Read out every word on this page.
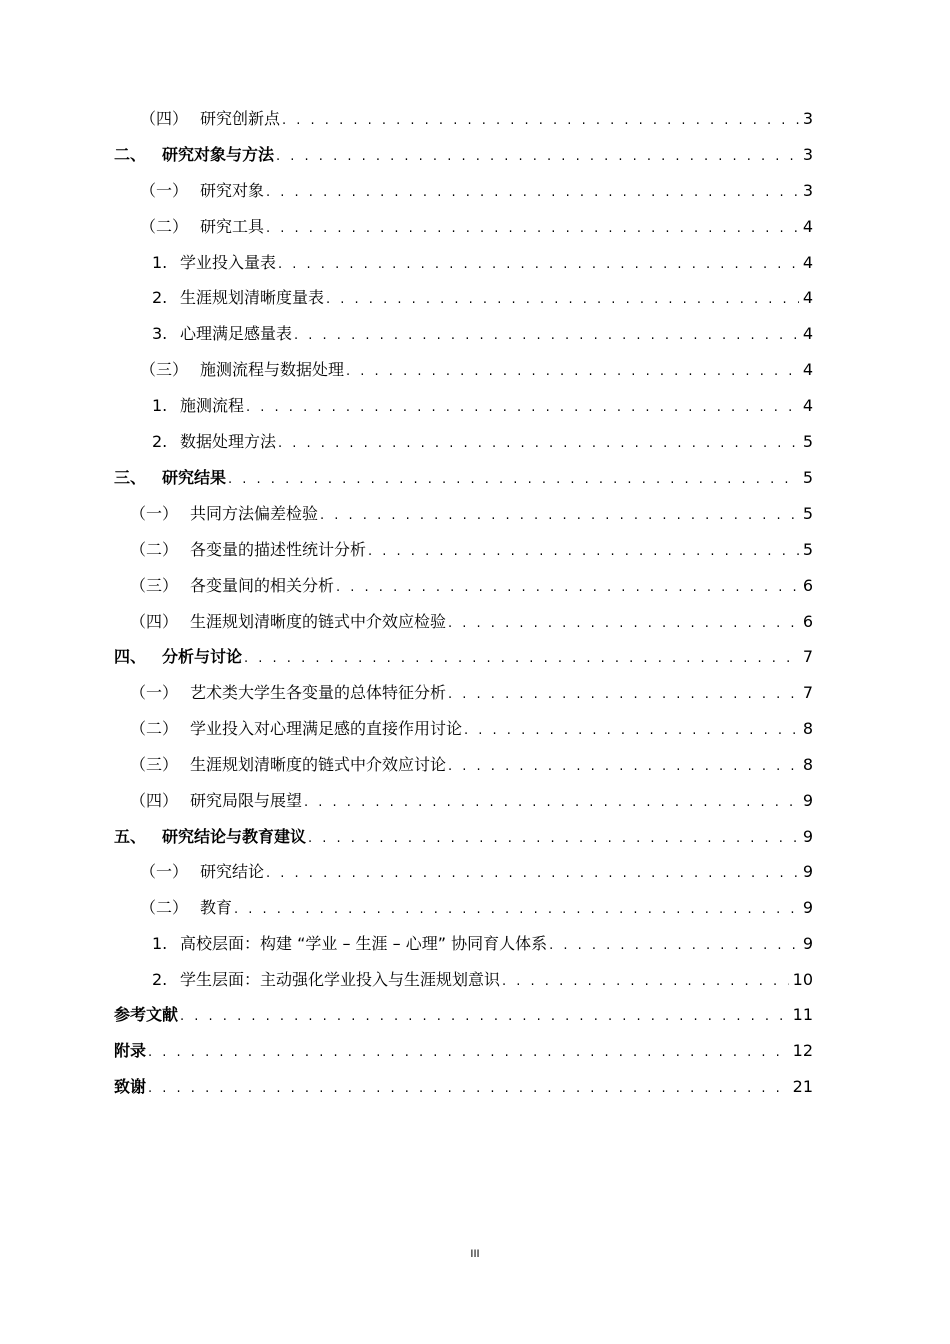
（四） 研究创新点 . . .	3
二、 研究对象与方法 . . .	3
（一） 研究对象 . . .	3
（二） 研究工具 . . .	4
1. 学业投入量表 . . .	4
2. 生涯规划清晰度量表 . . .	4
3. 心理满足感量表 . . .	4
（三） 施测流程与数据处理 . . .	4
1. 施测流程 . . .	4
2. 数据处理方法 . . .	5
三、 研究结果 . . .	5
（一） 共同方法偏差检验 . . .	5
（二） 各变量的描述性统计分析 . . .	5
（三） 各变量间的相关分析 . . .	6
（四） 生涯规划清晰度的链式中介效应检验 . . .	6
四、 分析与讨论 . . .	7
（一） 艺术类大学生各变量的总体特征分析 . . .	7
（二） 学业投入对心理满足感的直接作用讨论 . . .	8
（三） 生涯规划清晰度的链式中介效应讨论 . . .	8
（四） 研究局限与展望 . . .	9
五、 研究结论与教育建议 . . .	9
（一） 研究结论 . . .	9
（二） 教育 . . .	9
1. 高校层面：构建 “学业 – 生涯 – 心理” 协同育人体系 . . .	9
2. 学生层面：主动强化学业投入与生涯规划意识 . . .	10
参考文献 . . .	11
附录 . . .	12
致谢 . . .	21
III
